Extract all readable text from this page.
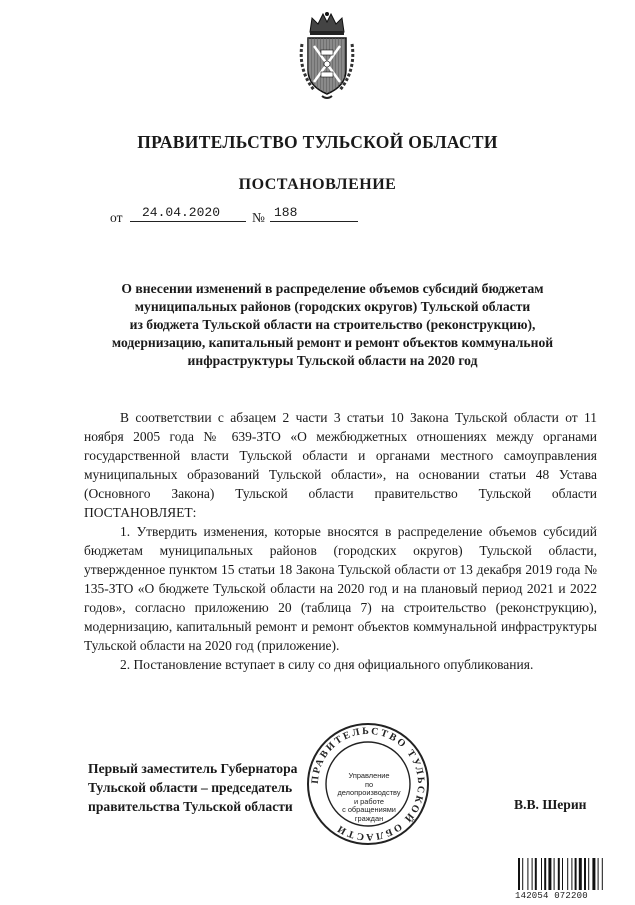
ПРАВИТЕЛЬСТВО ТУЛЬСКОЙ ОБЛАСТИ
ПОСТАНОВЛЕНИЕ
от	24.04.2020	№ 188
О внесении изменений в распределение объемов субсидий бюджетам
муниципальных районов (городских округов) Тульской области
из бюджета Тульской области на строительство (реконструкцию),
модернизацию, капитальный ремонт и ремонт объектов коммунальной
инфраструктуры Тульской области на 2020 год

В соответствии с абзацем 2 части 3 статьи 10 Закона Тульской области от 11 ноября 2005 года № 639-ЗТО «О межбюджетных отношениях между органами государственной власти Тульской области и органами местного самоуправления муниципальных образований Тульской области», на основании статьи 48 Устава (Основного Закона) Тульской области правительство Тульской области ПОСТАНОВЛЯЕТ:

1. Утвердить изменения, которые вносятся в распределение объемов субсидий бюджетам муниципальных районов (городских округов) Тульской области, утвержденное пунктом 15 статьи 18 Закона Тульской области от 13 декабря 2019 года № 135-ЗТО «О бюджете Тульской области на 2020 год и на плановый период 2021 и 2022 годов», согласно приложению 20 (таблица 7) на строительство (реконструкцию), модернизацию, капитальный ремонт и ремонт объектов коммунальной инфраструктуры Тульской области на 2020 год (приложение).

2. Постановление вступает в силу со дня официального опубликования.

Первый заместитель Губернатора
Тульской области – председатель
правительства Тульской области	В.В. Шерин
ПРАВИТЕЛЬСТВО ТУЛЬСКОЙ ОБЛАСТИ
Управление
по делопроизводству
и работе
с обращениями
граждан
142054 072200
